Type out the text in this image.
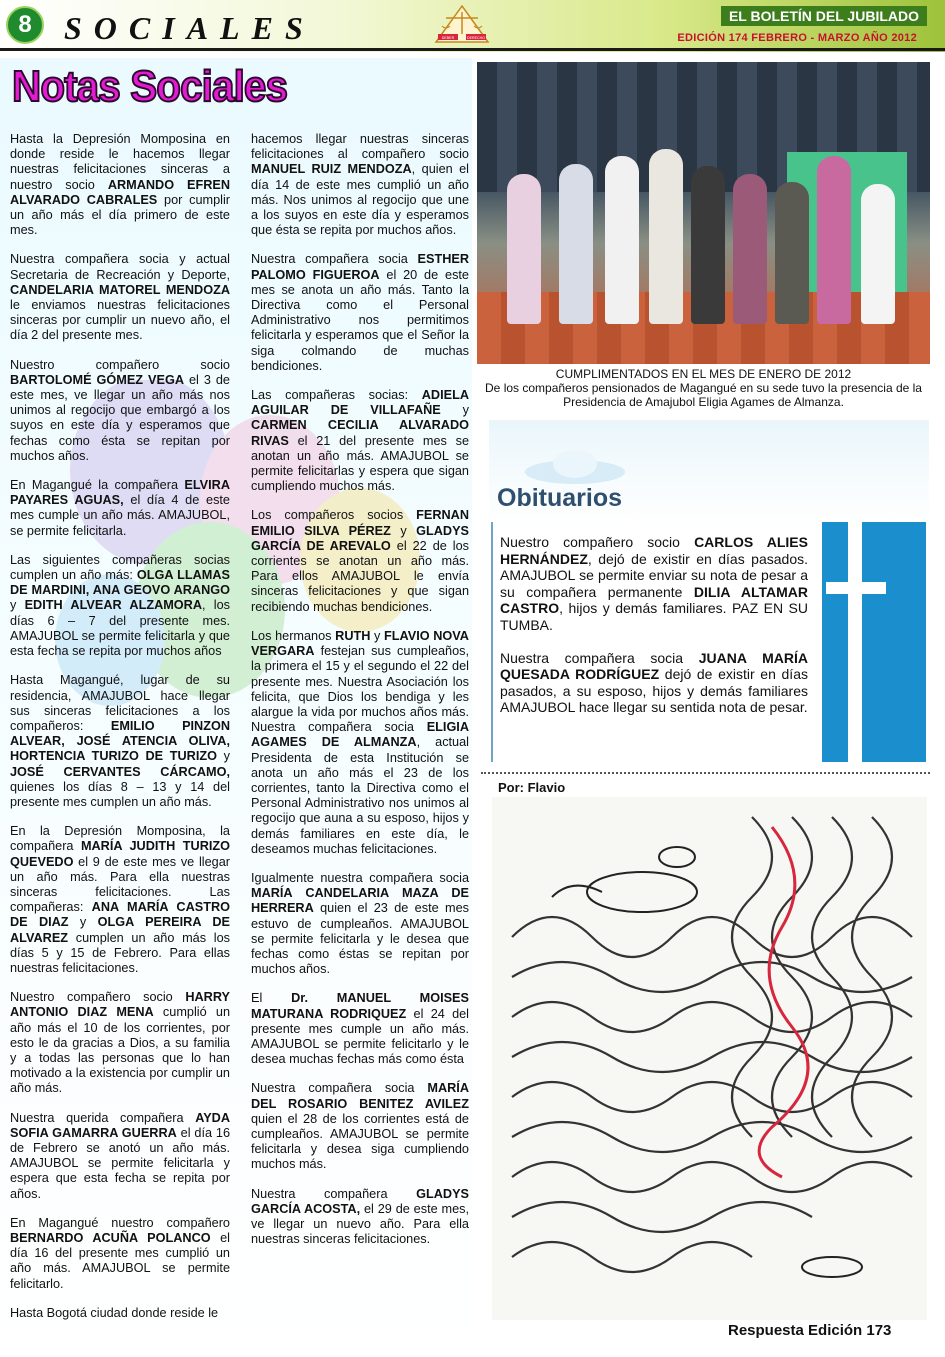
8	SOCIALES	DEBER	DERECHO
EL BOLETÍN DEL JUBILADO
EDICIÓN 174 FEBRERO - MARZO AÑO 2012
Notas Sociales

Hasta la Depresión Momposina en donde reside le hacemos llegar nuestras felicitaciones sinceras a nuestro socio ARMANDO EFREN ALVARADO CABRALES por cumplir un año más el día primero de este mes.

Nuestra compañera socia y actual Secretaria de Recreación y Deporte, CANDELARIA MATOREL MENDOZA le enviamos nuestras felicitaciones sinceras por cumplir un nuevo año, el día 2 del presente mes.

Nuestro compañero socio BARTOLOMÉ GÓMEZ VEGA el 3 de este mes, ve llegar un año más nos unimos al regocijo que embargó a los suyos en este día y esperamos que fechas como ésta se repitan por muchos años.

En Magangué la compañera ELVIRA PAYARES AGUAS, el día 4 de este mes cumple un año más. AMAJUBOL, se permite felicitarla.

Las siguientes compañeras socias cumplen un año más: OLGA LLAMAS DE MARDINI, ANA GEOVO ARANGO y EDITH ALVEAR ALZAMORA, los días 6 – 7 del presente mes. AMAJUBOL se permite felicitarla y que esta fecha se repita por muchos años

Hasta Magangué, lugar de su residencia, AMAJUBOL hace llegar sus sinceras felicitaciones a los compañeros: EMILIO PINZON ALVEAR, JOSÉ ATENCIA OLIVA, HORTENCIA TURIZO DE TURIZO y JOSÉ CERVANTES CÁRCAMO, quienes los días 8 – 13 y 14 del presente mes cumplen un año más.

En la Depresión Momposina, la compañera MARÍA JUDITH TURIZO QUEVEDO el 9 de este mes ve llegar un año más. Para ella nuestras sinceras felicitaciones. Las compañeras: ANA MARÍA CASTRO DE DIAZ y OLGA PEREIRA DE ALVAREZ cumplen un año más los días 5 y 15 de Febrero. Para ellas nuestras felicitaciones.

Nuestro compañero socio HARRY ANTONIO DIAZ MENA cumplió un año más el 10 de los corrientes, por esto le da gracias a Dios, a su familia y a todas las personas que lo han motivado a la existencia por cumplir un año más.

Nuestra querida compañera AYDA SOFIA GAMARRA GUERRA el día 16 de Febrero se anotó un año más. AMAJUBOL se permite felicitarla y espera que esta fecha se repita por años.

En Magangué nuestro compañero BERNARDO ACUÑA POLANCO el día 16 del presente mes cumplió un año más. AMAJUBOL se permite felicitarlo.

Hasta Bogotá ciudad donde reside le

hacemos llegar nuestras sinceras felicitaciones al compañero socio MANUEL RUIZ MENDOZA, quien el día 14 de este mes cumplió un año más. Nos unimos al regocijo que une a los suyos en este día y esperamos que ésta se repita por muchos años.

Nuestra compañera socia ESTHER PALOMO FIGUEROA el 20 de este mes se anota un año más. Tanto la Directiva como el Personal Administrativo nos permitimos felicitarla y esperamos que el Señor la siga colmando de muchas bendiciones.

Las compañeras socias: ADIELA AGUILAR DE VILLAFAÑE y CARMEN CECILIA ALVARADO RIVAS el 21 del presente mes se anotan un año más. AMAJUBOL se permite felicitarlas y espera que sigan cumpliendo muchos más.

Los compañeros socios FERNAN EMILIO SILVA PÉREZ y GLADYS GARCÍA DE AREVALO el 22 de los corrientes se anotan un año más. Para ellos AMAJUBOL le envía sinceras felicitaciones y que sigan recibiendo muchas bendiciones.

Los hermanos RUTH y FLAVIO NOVA VERGARA festejan sus cumpleaños, la primera el 15 y el segundo el 22 del presente mes. Nuestra Asociación los felicita, que Dios los bendiga y les alargue la vida por muchos años más. Nuestra compañera socia ELIGIA AGAMES DE ALMANZA, actual Presidenta de esta Institución se anota un año más el 23 de los corrientes, tanto la Directiva como el Personal Administrativo nos unimos al regocijo que auna a su esposo, hijos y demás familiares en este día, le deseamos muchas felicitaciones.

Igualmente nuestra compañera socia MARÍA CANDELARIA MAZA DE HERRERA quien el 23 de este mes estuvo de cumpleaños. AMAJUBOL se permite felicitarla y le desea que fechas como éstas se repitan por muchos años.

El Dr. MANUEL MOISES MATURANA RODRIQUEZ el 24 del presente mes cumple un año más. AMAJUBOL se permite felicitarlo y le desea muchas fechas más como ésta

Nuestra compañera socia MARÍA DEL ROSARIO BENITEZ AVILEZ quien el 28 de los corrientes está de cumpleaños. AMAJUBOL se permite felicitarla y desea siga cumpliendo muchos más.

Nuestra compañera GLADYS GARCÍA ACOSTA, el 29 de este mes, ve llegar un nuevo año. Para ella nuestras sinceras felicitaciones.

CUMPLIMENTADOS EN EL MES DE ENERO DE 2012
De los compañeros pensionados de Magangué en su sede tuvo la presencia de la Presidencia de Amajubol Eligia Agames de Almanza.
Obituarios

Nuestro compañero socio CARLOS ALIES HERNÁNDEZ, dejó de existir en días pasados. AMAJUBOL se permite enviar su nota de pesar a su compañera permanente DILIA ALTAMAR CASTRO, hijos y demás familiares. PAZ EN SU TUMBA.

Nuestra compañera socia JUANA MARÍA QUESADA RODRÍGUEZ dejó de existir en días pasados, a su esposo, hijos y demás familiares AMAJUBOL hace llegar su sentida nota de pesar.

Por: Flavio
Respuesta Edición 173
